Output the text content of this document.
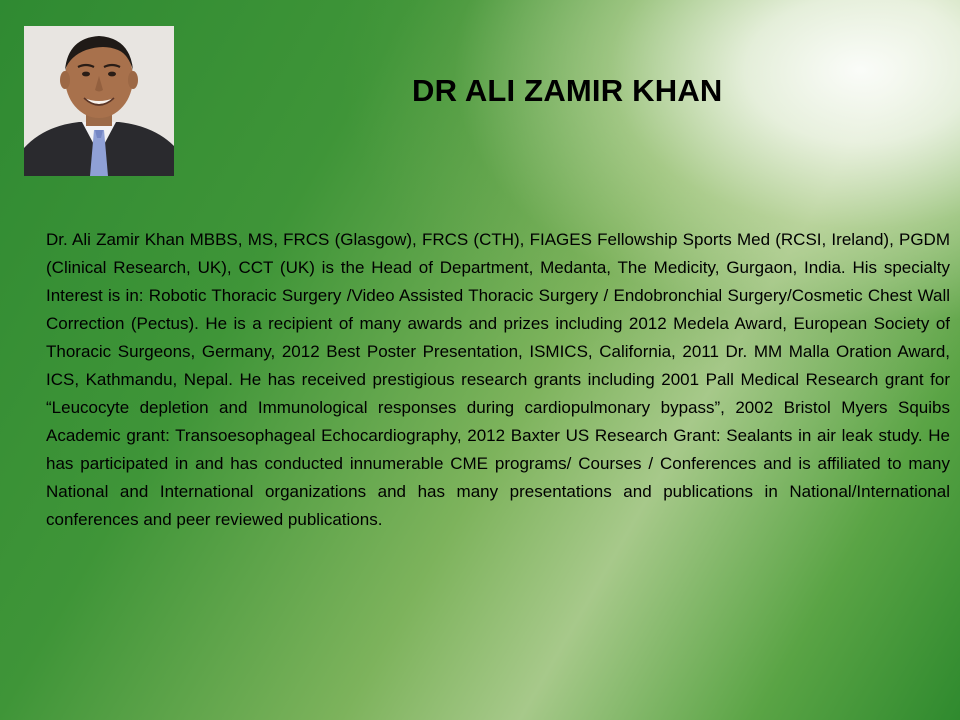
DR ALI ZAMIR KHAN

Dr. Ali Zamir Khan MBBS, MS, FRCS (Glasgow), FRCS (CTH), FIAGES Fellowship Sports Med (RCSI, Ireland), PGDM (Clinical Research, UK), CCT (UK) is the Head of Department, Medanta, The Medicity, Gurgaon, India. His specialty Interest is in: Robotic Thoracic Surgery /Video Assisted Thoracic Surgery / Endobronchial Surgery/Cosmetic Chest Wall Correction (Pectus). He is a recipient of many awards and prizes including 2012 Medela Award, European Society of Thoracic Surgeons, Germany, 2012 Best Poster Presentation, ISMICS, California, 2011 Dr. MM Malla Oration Award, ICS, Kathmandu, Nepal. He has received prestigious research grants including 2001 Pall Medical Research grant for “Leucocyte depletion and Immunological responses during cardiopulmonary bypass”, 2002 Bristol Myers Squibs Academic grant: Transoesophageal Echocardiography, 2012 Baxter US Research Grant: Sealants in air leak study. He has participated in and has conducted innumerable CME programs/ Courses / Conferences and is affiliated to many National and International organizations and has many presentations and publications in National/International conferences and peer reviewed publications.
